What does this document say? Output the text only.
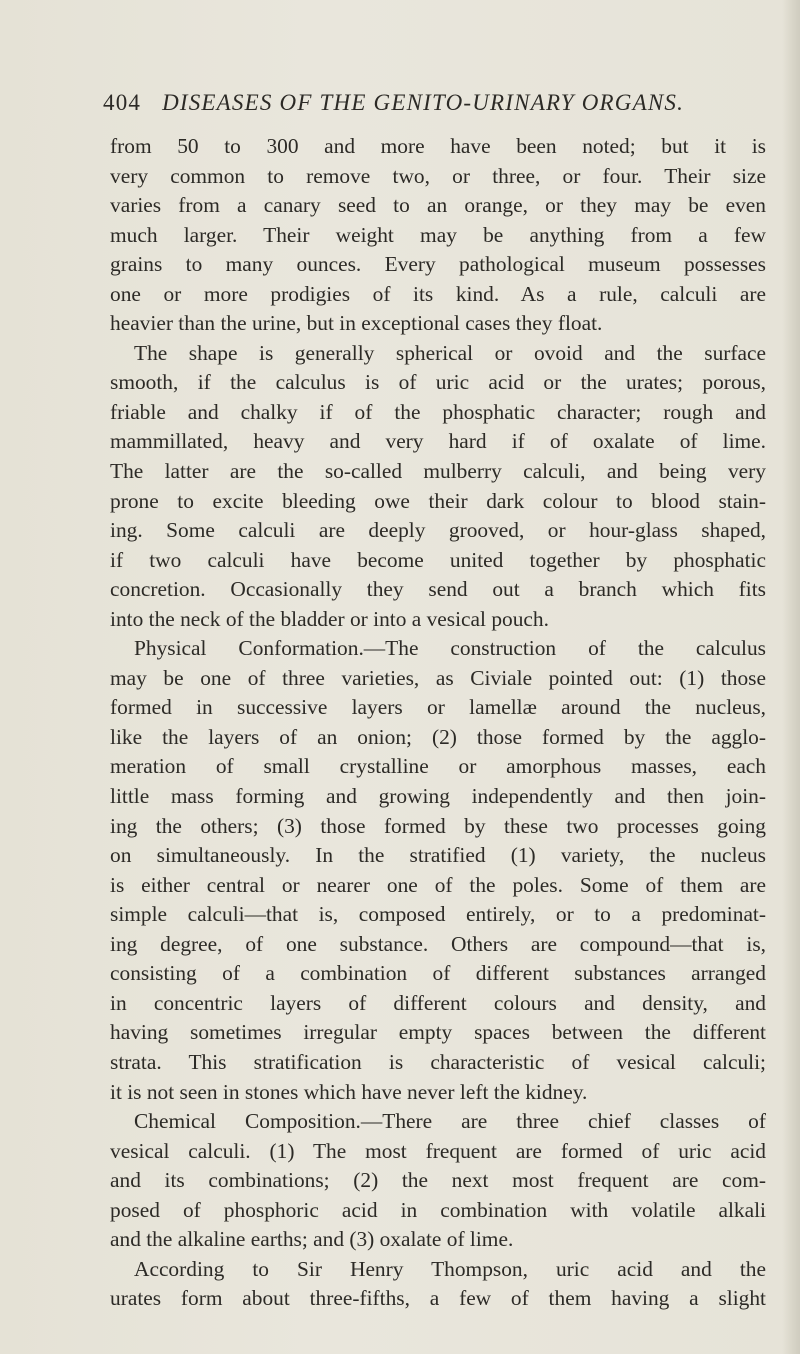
404 DISEASES OF THE GENITO-URINARY ORGANS.
from 50 to 300 and more have been noted; but it is
very common to remove two, or three, or four. Their size
varies from a canary seed to an orange, or they may be even
much larger. Their weight may be anything from a few
grains to many ounces. Every pathological museum possesses
one or more prodigies of its kind. As a rule, calculi are
heavier than the urine, but in exceptional cases they float.
The shape is generally spherical or ovoid and the surface
smooth, if the calculus is of uric acid or the urates; porous,
friable and chalky if of the phosphatic character; rough and
mammillated, heavy and very hard if of oxalate of lime.
The latter are the so-called mulberry calculi, and being very
prone to excite bleeding owe their dark colour to blood stain-
ing. Some calculi are deeply grooved, or hour-glass shaped,
if two calculi have become united together by phosphatic
concretion. Occasionally they send out a branch which fits
into the neck of the bladder or into a vesical pouch.
Physical Conformation.—The construction of the calculus
may be one of three varieties, as Civiale pointed out: (1) those
formed in successive layers or lamellæ around the nucleus,
like the layers of an onion; (2) those formed by the agglo-
meration of small crystalline or amorphous masses, each
little mass forming and growing independently and then join-
ing the others; (3) those formed by these two processes going
on simultaneously. In the stratified (1) variety, the nucleus
is either central or nearer one of the poles. Some of them are
simple calculi—that is, composed entirely, or to a predominat-
ing degree, of one substance. Others are compound—that is,
consisting of a combination of different substances arranged
in concentric layers of different colours and density, and
having sometimes irregular empty spaces between the different
strata. This stratification is characteristic of vesical calculi;
it is not seen in stones which have never left the kidney.
Chemical Composition.—There are three chief classes of
vesical calculi. (1) The most frequent are formed of uric acid
and its combinations; (2) the next most frequent are com-
posed of phosphoric acid in combination with volatile alkali
and the alkaline earths; and (3) oxalate of lime.
According to Sir Henry Thompson, uric acid and the
urates form about three-fifths, a few of them having a slight
